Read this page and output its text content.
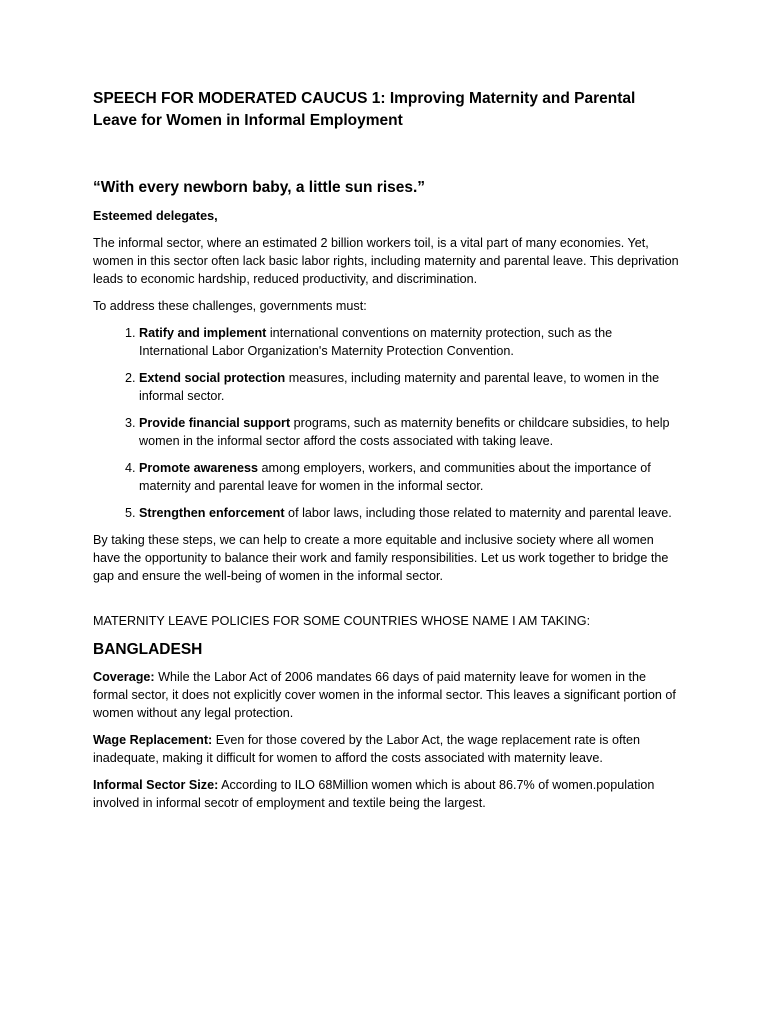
SPEECH FOR MODERATED CAUCUS 1: Improving Maternity and Parental Leave for Women in Informal Employment
“With every newborn baby, a little sun rises.”
Esteemed delegates,

The informal sector, where an estimated 2 billion workers toil, is a vital part of many economies. Yet, women in this sector often lack basic labor rights, including maternity and parental leave. This deprivation leads to economic hardship, reduced productivity, and discrimination.

To address these challenges, governments must:

1. Ratify and implement international conventions on maternity protection, such as the International Labor Organization's Maternity Protection Convention.
2. Extend social protection measures, including maternity and parental leave, to women in the informal sector.
3. Provide financial support programs, such as maternity benefits or childcare subsidies, to help women in the informal sector afford the costs associated with taking leave.
4. Promote awareness among employers, workers, and communities about the importance of maternity and parental leave for women in the informal sector.
5. Strengthen enforcement of labor laws, including those related to maternity and parental leave.

By taking these steps, we can help to create a more equitable and inclusive society where all women have the opportunity to balance their work and family responsibilities. Let us work together to bridge the gap and ensure the well-being of women in the informal sector.

MATERNITY LEAVE POLICIES FOR SOME COUNTRIES WHOSE NAME I AM TAKING:

BANGLADESH

Coverage: While the Labor Act of 2006 mandates 66 days of paid maternity leave for women in the formal sector, it does not explicitly cover women in the informal sector. This leaves a significant portion of women without any legal protection.

Wage Replacement: Even for those covered by the Labor Act, the wage replacement rate is often inadequate, making it difficult for women to afford the costs associated with maternity leave.

Informal Sector Size: According to ILO 68Million women which is about 86.7% of women.population involved in informal secotr of employment and textile being the largest.
